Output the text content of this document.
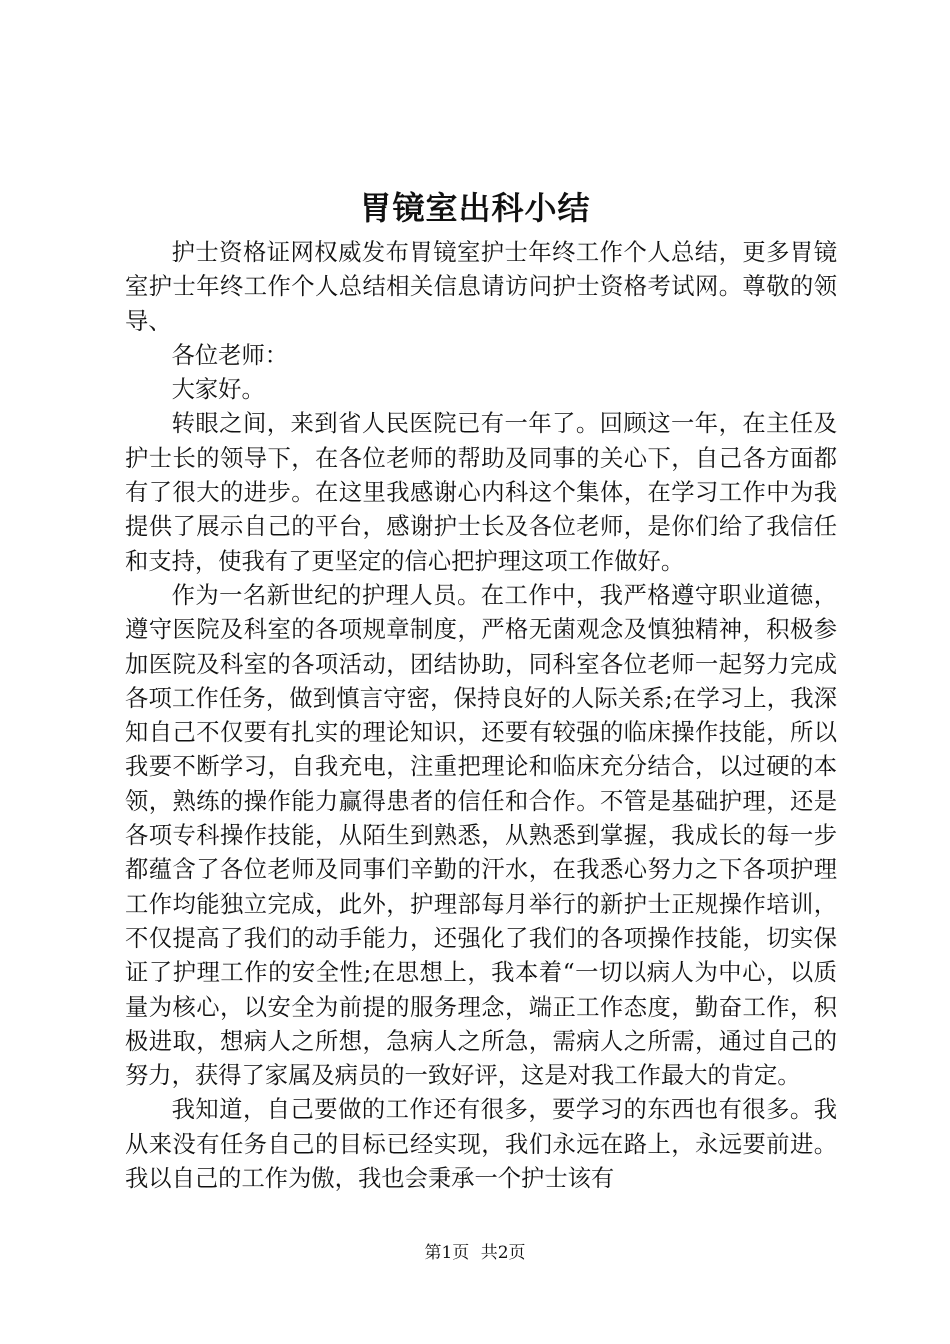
胃镜室出科小结

护士资格证网权威发布胃镜室护士年终工作个人总结，更多胃镜室护士年终工作个人总结相关信息请访问护士资格考试网。尊敬的领导、

各位老师：

大家好。

转眼之间，来到省人民医院已有一年了。回顾这一年，在主任及护士长的领导下，在各位老师的帮助及同事的关心下，自己各方面都有了很大的进步。在这里我感谢心内科这个集体，在学习工作中为我提供了展示自己的平台，感谢护士长及各位老师，是你们给了我信任和支持，使我有了更坚定的信心把护理这项工作做好。

作为一名新世纪的护理人员。在工作中，我严格遵守职业道德，遵守医院及科室的各项规章制度，严格无菌观念及慎独精神，积极参加医院及科室的各项活动，团结协助，同科室各位老师一起努力完成各项工作任务，做到慎言守密，保持良好的人际关系;在学习上，我深知自己不仅要有扎实的理论知识，还要有较强的临床操作技能，所以我要不断学习，自我充电，注重把理论和临床充分结合，以过硬的本领，熟练的操作能力赢得患者的信任和合作。不管是基础护理，还是各项专科操作技能，从陌生到熟悉，从熟悉到掌握，我成长的每一步都蕴含了各位老师及同事们辛勤的汗水，在我悉心努力之下各项护理工作均能独立完成，此外，护理部每月举行的新护士正规操作培训，不仅提高了我们的动手能力，还强化了我们的各项操作技能，切实保证了护理工作的安全性;在思想上，我本着“一切以病人为中心，以质量为核心，以安全为前提的服务理念，端正工作态度，勤奋工作，积极进取，想病人之所想，急病人之所急，需病人之所需，通过自己的努力，获得了家属及病员的一致好评，这是对我工作最大的肯定。

我知道，自己要做的工作还有很多，要学习的东西也有很多。我从来没有任务自己的目标已经实现，我们永远在路上，永远要前进。我以自己的工作为傲，我也会秉承一个护士该有

第1页 共2页
